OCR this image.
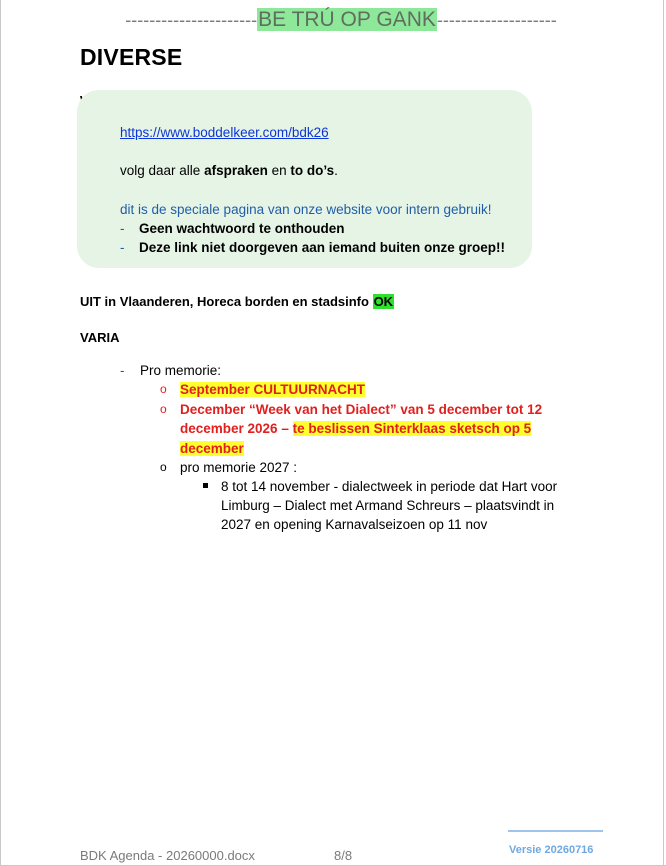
----------------------BE TRÚ OP GANK--------------------
DIVERSE

https://www.boddelkeer.com/bdk26
volg daar alle afspraken en to do’s.
dit is de speciale pagina van onze website voor intern gebruik!
- Geen wachtwoord te onthouden
- Deze link niet doorgeven aan iemand buiten onze groep!!

UIT in Vlaanderen, Horeca borden en stadsinfo OK

VARIA

- Pro memorie:
o September CULTUURNACHT
o December “Week van het Dialect” van 5 december tot 12
december 2026 – te beslissen Sinterklaas sketsch op 5
december
o pro memorie 2027 :
8 tot 14 november - dialectweek in periode dat Hart voor
Limburg – Dialect met Armand Schreurs – plaatsvindt in
2027 en opening Karnavalseizoen op 11 nov
BDK Agenda - 20260000.docx	8/8	Versie 20260716
